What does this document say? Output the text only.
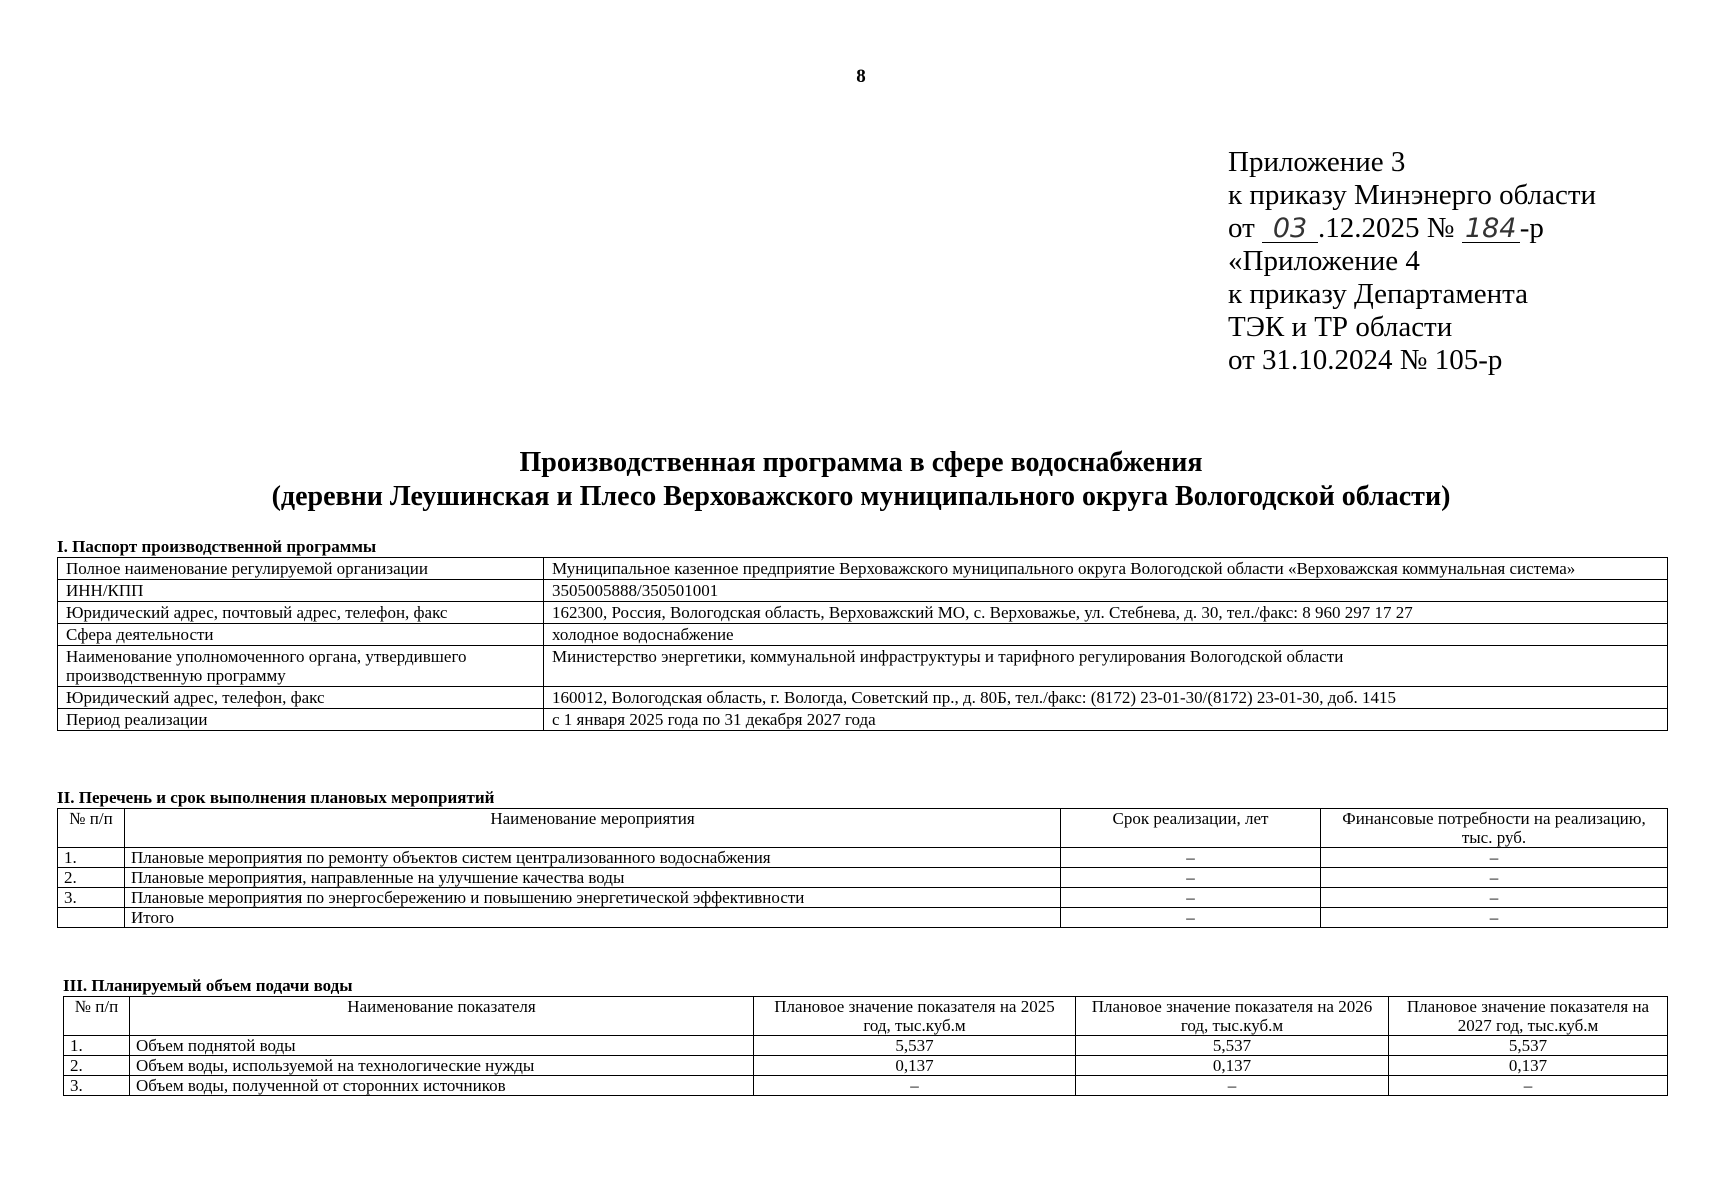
8
Приложение 3
к приказу Минэнерго области
от 03 .12.2025 № 184 -р
«Приложение 4
к приказу Департамента
ТЭК и ТР области
от 31.10.2024 № 105-р
Производственная программа в сфере водоснабжения
(деревни Леушинская и Плесо Верховажского муниципального округа Вологодской области)
I. Паспорт производственной программы
Полное наименование регулируемой организации	Муниципальное казенное предприятие Верховажского муниципального округа Вологодской области «Верховажская коммунальная система»
ИНН/КПП	3505005888/350501001
Юридический адрес, почтовый адрес, телефон, факс	162300, Россия, Вологодская область, Верховажский МО, с. Верховажье, ул. Стебнева, д. 30, тел./факс: 8 960 297 17 27
Сфера деятельности	холодное водоснабжение
Наименование уполномоченного органа, утвердившего производственную программу	Министерство энергетики, коммунальной инфраструктуры и тарифного регулирования Вологодской области
Юридический адрес, телефон, факс	160012, Вологодская область, г. Вологда, Советский пр., д. 80Б, тел./факс: (8172) 23-01-30/(8172) 23-01-30, доб. 1415
Период реализации	с 1 января 2025 года по 31 декабря 2027 года
II. Перечень и срок выполнения плановых мероприятий
№ п/п	Наименование мероприятия	Срок реализации, лет	Финансовые потребности на реализацию, тыс. руб.
1.	Плановые мероприятия по ремонту объектов систем централизованного водоснабжения	–	–
2.	Плановые мероприятия, направленные на улучшение качества воды	–	–
3.	Плановые мероприятия по энергосбережению и повышению энергетической эффективности	–	–
	Итого	–	–
III. Планируемый объем подачи воды
№ п/п	Наименование показателя	Плановое значение показателя на 2025 год, тыс.куб.м	Плановое значение показателя на 2026 год, тыс.куб.м	Плановое значение показателя на 2027 год, тыс.куб.м
1.	Объем поднятой воды	5,537	5,537	5,537
2.	Объем воды, используемой на технологические нужды	0,137	0,137	0,137
3.	Объем воды, полученной от сторонних источников	–	–	–
